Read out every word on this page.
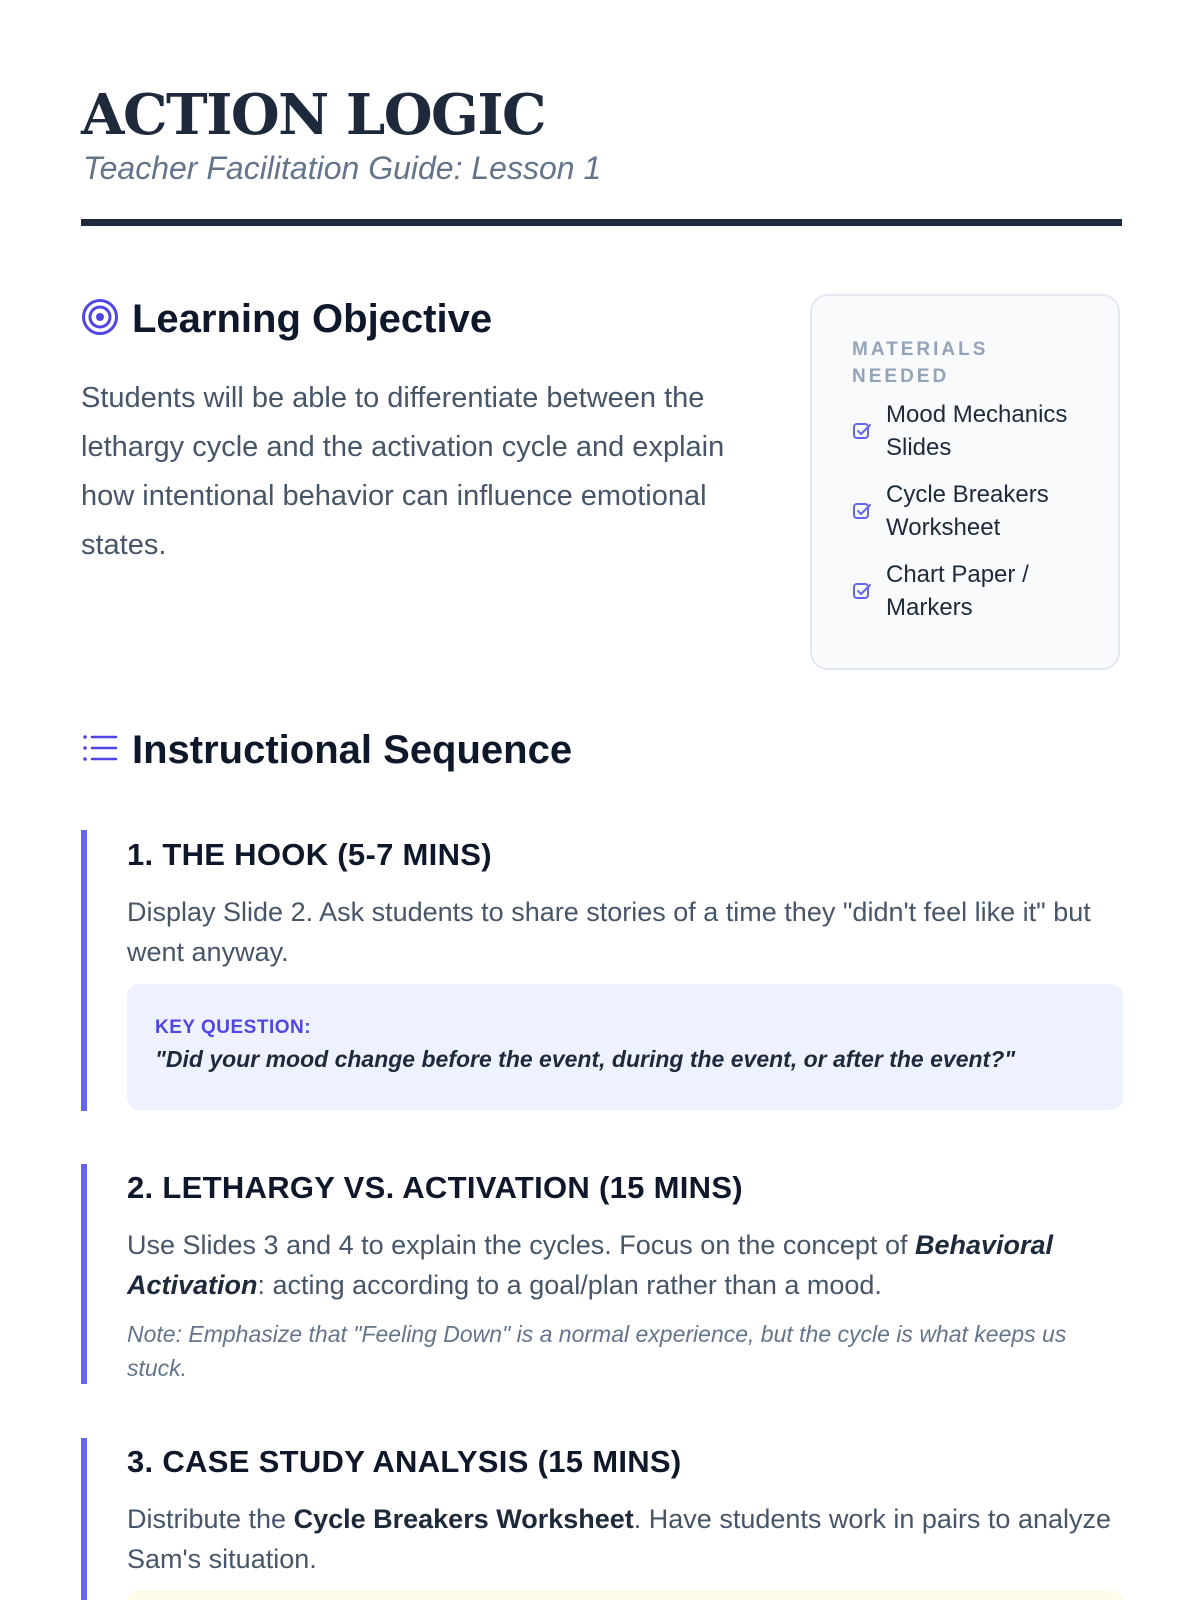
ACTION LOGIC
Teacher Facilitation Guide: Lesson 1
Learning Objective

Students will be able to differentiate between the lethargy cycle and the activation cycle and explain how intentional behavior can influence emotional states.

MATERIALS NEEDED
Mood Mechanics Slides
Cycle Breakers Worksheet
Chart Paper / Markers
Instructional Sequence
1. THE HOOK (5-7 MINS)

Display Slide 2. Ask students to share stories of a time they "didn't feel like it" but went anyway.

KEY QUESTION:
"Did your mood change before the event, during the event, or after the event?"
2. LETHARGY VS. ACTIVATION (15 MINS)

Use Slides 3 and 4 to explain the cycles. Focus on the concept of Behavioral Activation: acting according to a goal/plan rather than a mood.

Note: Emphasize that "Feeling Down" is a normal experience, but the cycle is what keeps us stuck.

3. CASE STUDY ANALYSIS (15 MINS)

Distribute the Cycle Breakers Worksheet. Have students work in pairs to analyze Sam's situation.
